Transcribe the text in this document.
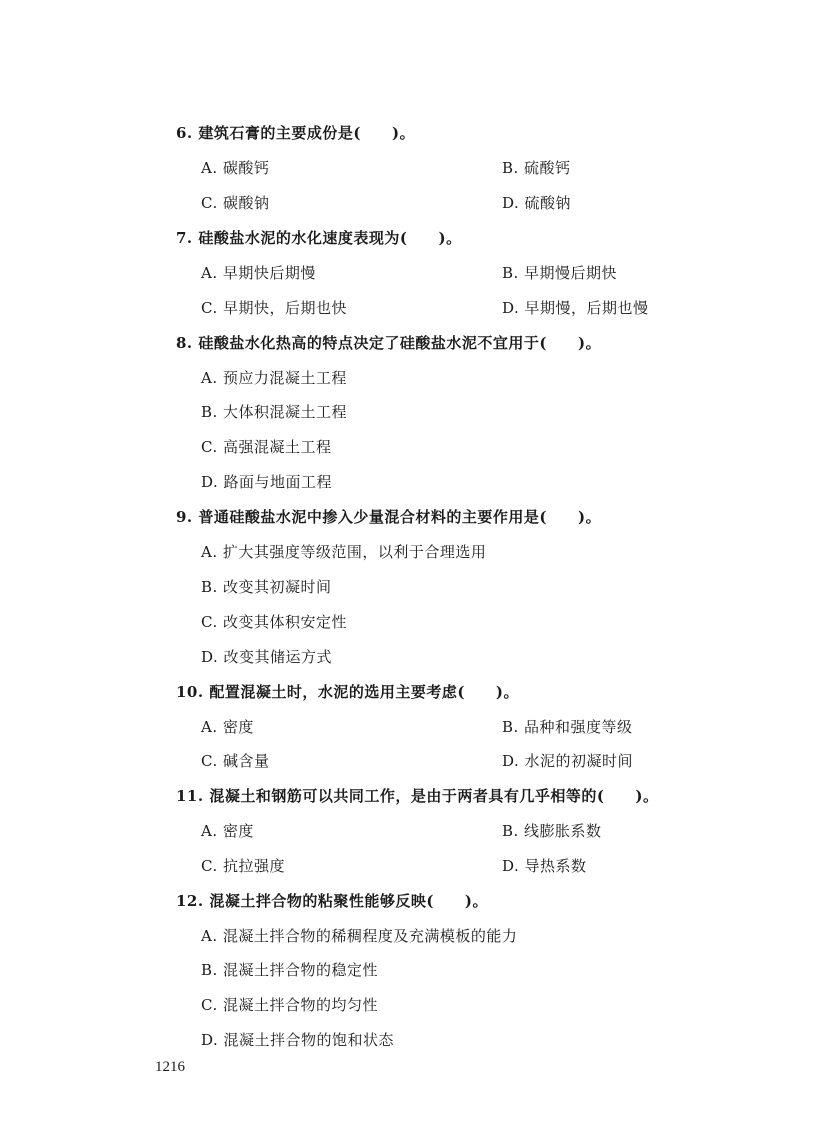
6. 建筑石膏的主要成份是(　　)。
A. 碳酸钙	B. 硫酸钙
C. 碳酸钠	D. 硫酸钠
7. 硅酸盐水泥的水化速度表现为(　　)。
A. 早期快后期慢	B. 早期慢后期快
C. 早期快，后期也快	D. 早期慢，后期也慢
8. 硅酸盐水化热高的特点决定了硅酸盐水泥不宜用于(　　)。
A. 预应力混凝土工程
B. 大体积混凝土工程
C. 高强混凝土工程
D. 路面与地面工程
9. 普通硅酸盐水泥中掺入少量混合材料的主要作用是(　　)。
A. 扩大其强度等级范围，以利于合理选用
B. 改变其初凝时间
C. 改变其体积安定性
D. 改变其储运方式
10. 配置混凝土时，水泥的选用主要考虑(　　)。
A. 密度	B. 品种和强度等级
C. 碱含量	D. 水泥的初凝时间
11. 混凝土和钢筋可以共同工作，是由于两者具有几乎相等的(　　)。
A. 密度	B. 线膨胀系数
C. 抗拉强度	D. 导热系数
12. 混凝土拌合物的粘聚性能够反映(　　)。
A. 混凝土拌合物的稀稠程度及充满模板的能力
B. 混凝土拌合物的稳定性
C. 混凝土拌合物的均匀性
D. 混凝土拌合物的饱和状态
1216
